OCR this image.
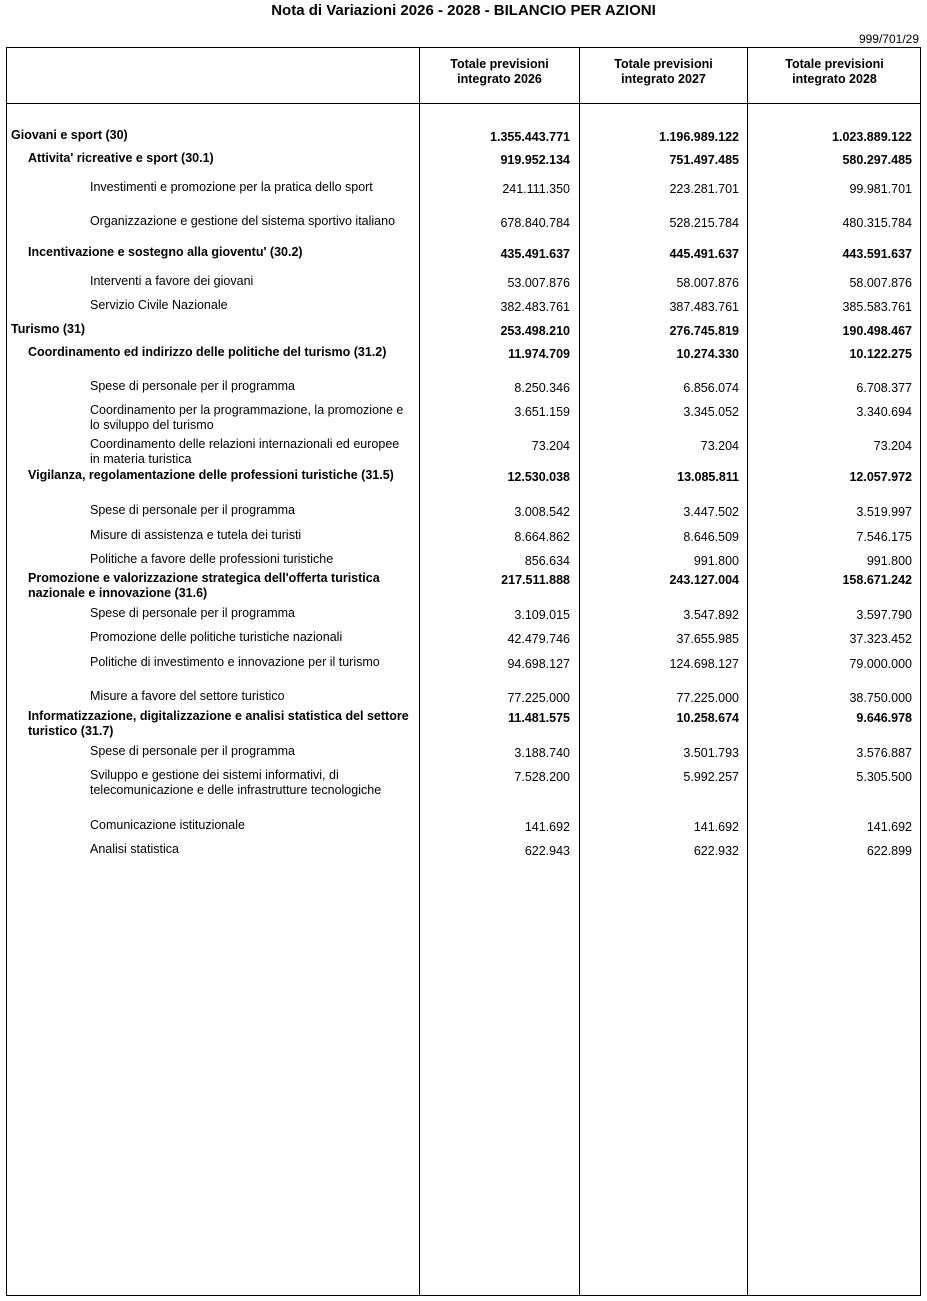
Nota di Variazioni 2026 - 2028 - BILANCIO PER AZIONI
999/701/29
Totale previsioni
integrato 2026
Totale previsioni
integrato 2027
Totale previsioni
integrato 2028
Giovani e sport (30)	1.355.443.771	1.196.989.122	1.023.889.122
Attivita' ricreative e sport (30.1)	919.952.134	751.497.485	580.297.485
Investimenti e promozione per la pratica dello sport	241.111.350	223.281.701	99.981.701
Organizzazione e gestione del sistema sportivo italiano	678.840.784	528.215.784	480.315.784
Incentivazione e sostegno alla gioventu' (30.2)	435.491.637	445.491.637	443.591.637
Interventi a favore dei giovani	53.007.876	58.007.876	58.007.876
Servizio Civile Nazionale	382.483.761	387.483.761	385.583.761
Turismo (31)	253.498.210	276.745.819	190.498.467
Coordinamento ed indirizzo delle politiche del turismo (31.2)	11.974.709	10.274.330	10.122.275
Spese di personale per il programma	8.250.346	6.856.074	6.708.377
Coordinamento per la programmazione, la promozione e lo sviluppo del turismo
3.651.159	3.345.052	3.340.694
Coordinamento delle relazioni internazionali ed europee in materia turistica
73.204	73.204	73.204
Vigilanza, regolamentazione delle professioni turistiche (31.5)	12.530.038	13.085.811	12.057.972
Spese di personale per il programma	3.008.542	3.447.502	3.519.997
Misure di assistenza e tutela dei turisti	8.664.862	8.646.509	7.546.175
Politiche a favore delle professioni turistiche	856.634	991.800	991.800
Promozione e valorizzazione strategica dell'offerta turistica nazionale e innovazione (31.6)
217.511.888	243.127.004	158.671.242
Spese di personale per il programma	3.109.015	3.547.892	3.597.790
Promozione delle politiche turistiche nazionali	42.479.746	37.655.985	37.323.452
Politiche di investimento e innovazione per il turismo	94.698.127	124.698.127	79.000.000
Misure a favore del settore turistico	77.225.000	77.225.000	38.750.000
Informatizzazione, digitalizzazione e analisi statistica del settore turistico (31.7)
11.481.575	10.258.674	9.646.978
Spese di personale per il programma	3.188.740	3.501.793	3.576.887
Sviluppo e gestione dei sistemi informativi, di telecomunicazione e delle infrastrutture tecnologiche
7.528.200	5.992.257	5.305.500
Comunicazione istituzionale	141.692	141.692	141.692
Analisi statistica	622.943	622.932	622.899
